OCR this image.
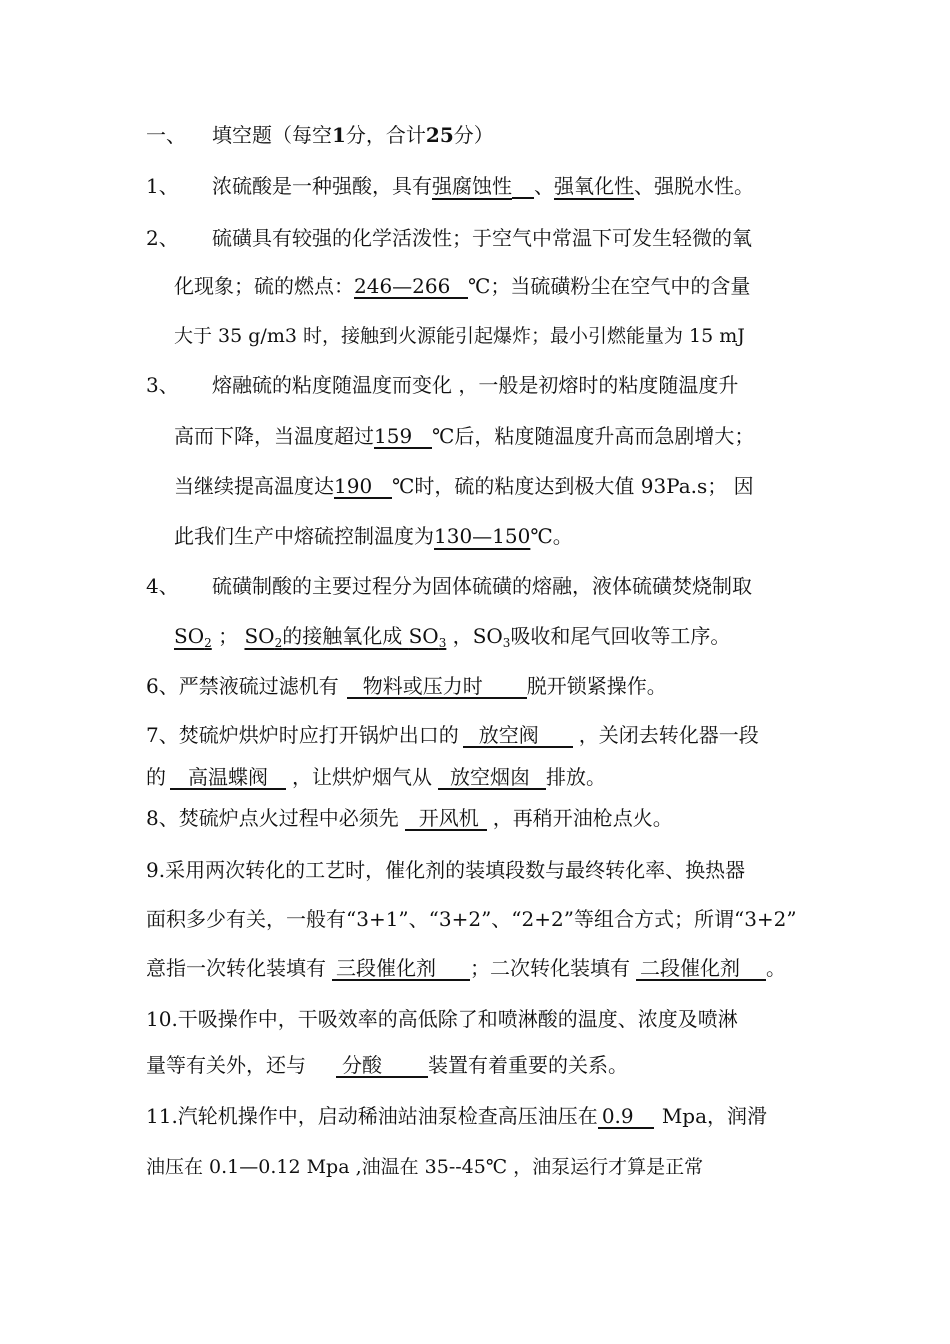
一、 填空题（每空1分，合计25分）
1、 浓硫酸是一种强酸，具有强腐蚀性 、强氧化性、强脱水性。
2、 硫磺具有较强的化学活泼性；于空气中常温下可发生轻微的氧
化现象；硫的燃点：246—266 ℃；当硫磺粉尘在空气中的含量
大于 35 g/m3 时，接触到火源能引起爆炸；最小引燃能量为 15 mJ
3、 熔融硫的粘度随温度而变化 ，一般是初熔时的粘度随温度升
高而下降，当温度超过159 ℃后，粘度随温度升高而急剧增大；
当继续提高温度达190 ℃时，硫的粘度达到极大值 93Pa.s； 因
此我们生产中熔硫控制温度为130—150℃。
4、 硫磺制酸的主要过程分为固体硫磺的熔融，液体硫磺焚烧制取
$SO_2$ ； $SO_2$的接触氧化成 $SO_3$ ，$SO_3$吸收和尾气回收等工序。
6、严禁液硫过滤机有 物料或压力时 脱开锁紧操作。
7、焚硫炉烘炉时应打开锅炉出口的 放空阀 ，关闭去转化器一段
的 高温蝶阀 ，让烘炉烟气从 放空烟囱 排放。
8、焚硫炉点火过程中必须先 开风机 ，再稍开油枪点火。
9.采用两次转化的工艺时，催化剂的装填段数与最终转化率、换热器
面积多少有关，一般有“3+1”、“3+2”、“2+2”等组合方式；所谓“3+2”
意指一次转化装填有 三段催化剂 ；二次转化装填有 二段催化剂 。
10.干吸操作中，干吸效率的高低除了和喷淋酸的温度、浓度及喷淋
量等有关外，还与 分酸 装置有着重要的关系。
11.汽轮机操作中，启动稀油站油泵检查高压油压在 0.9 Mpa，润滑
油压在 0.1—0.12 Mpa ,油温在 35--45℃ ，油泵运行才算是正常
